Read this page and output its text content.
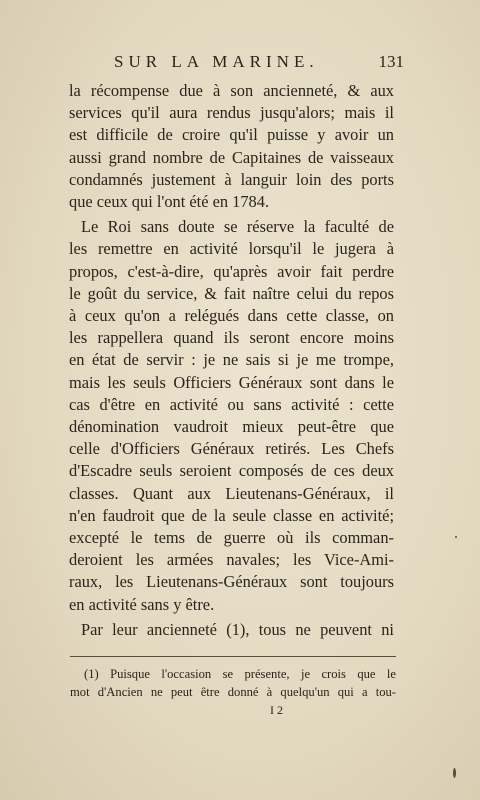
SUR LA MARINE.	131
la récompense due à son ancienneté, & aux
services qu'il aura rendus jusqu'alors; mais il
est difficile de croire qu'il puisse y avoir un
aussi grand nombre de Capitaines de vaisseaux
condamnés justement à languir loin des ports
que ceux qui l'ont été en 1784.
Le Roi sans doute se réserve la faculté de
les remettre en activité lorsqu'il le jugera à
propos, c'est-à-dire, qu'après avoir fait perdre
le goût du service, & fait naître celui du repos
à ceux qu'on a relégués dans cette classe, on
les rappellera quand ils seront encore moins
en état de servir : je ne sais si je me trompe,
mais les seuls Officiers Généraux sont dans le
cas d'être en activité ou sans activité : cette
dénomination vaudroit mieux peut-être que
celle d'Officiers Généraux retirés. Les Chefs
d'Escadre seuls seroient composés de ces deux
classes. Quant aux Lieutenans-Généraux, il
n'en faudroit que de la seule classe en activité;
excepté le tems de guerre où ils comman-
deroient les armées navales; les Vice-Ami-
raux, les Lieutenans-Généraux sont toujours
en activité sans y être.
Par leur ancienneté (1), tous ne peuvent ni
(1) Puisque l'occasion se présente, je crois que le
mot d'Ancien ne peut être donné à quelqu'un qui a tou-
I 2
